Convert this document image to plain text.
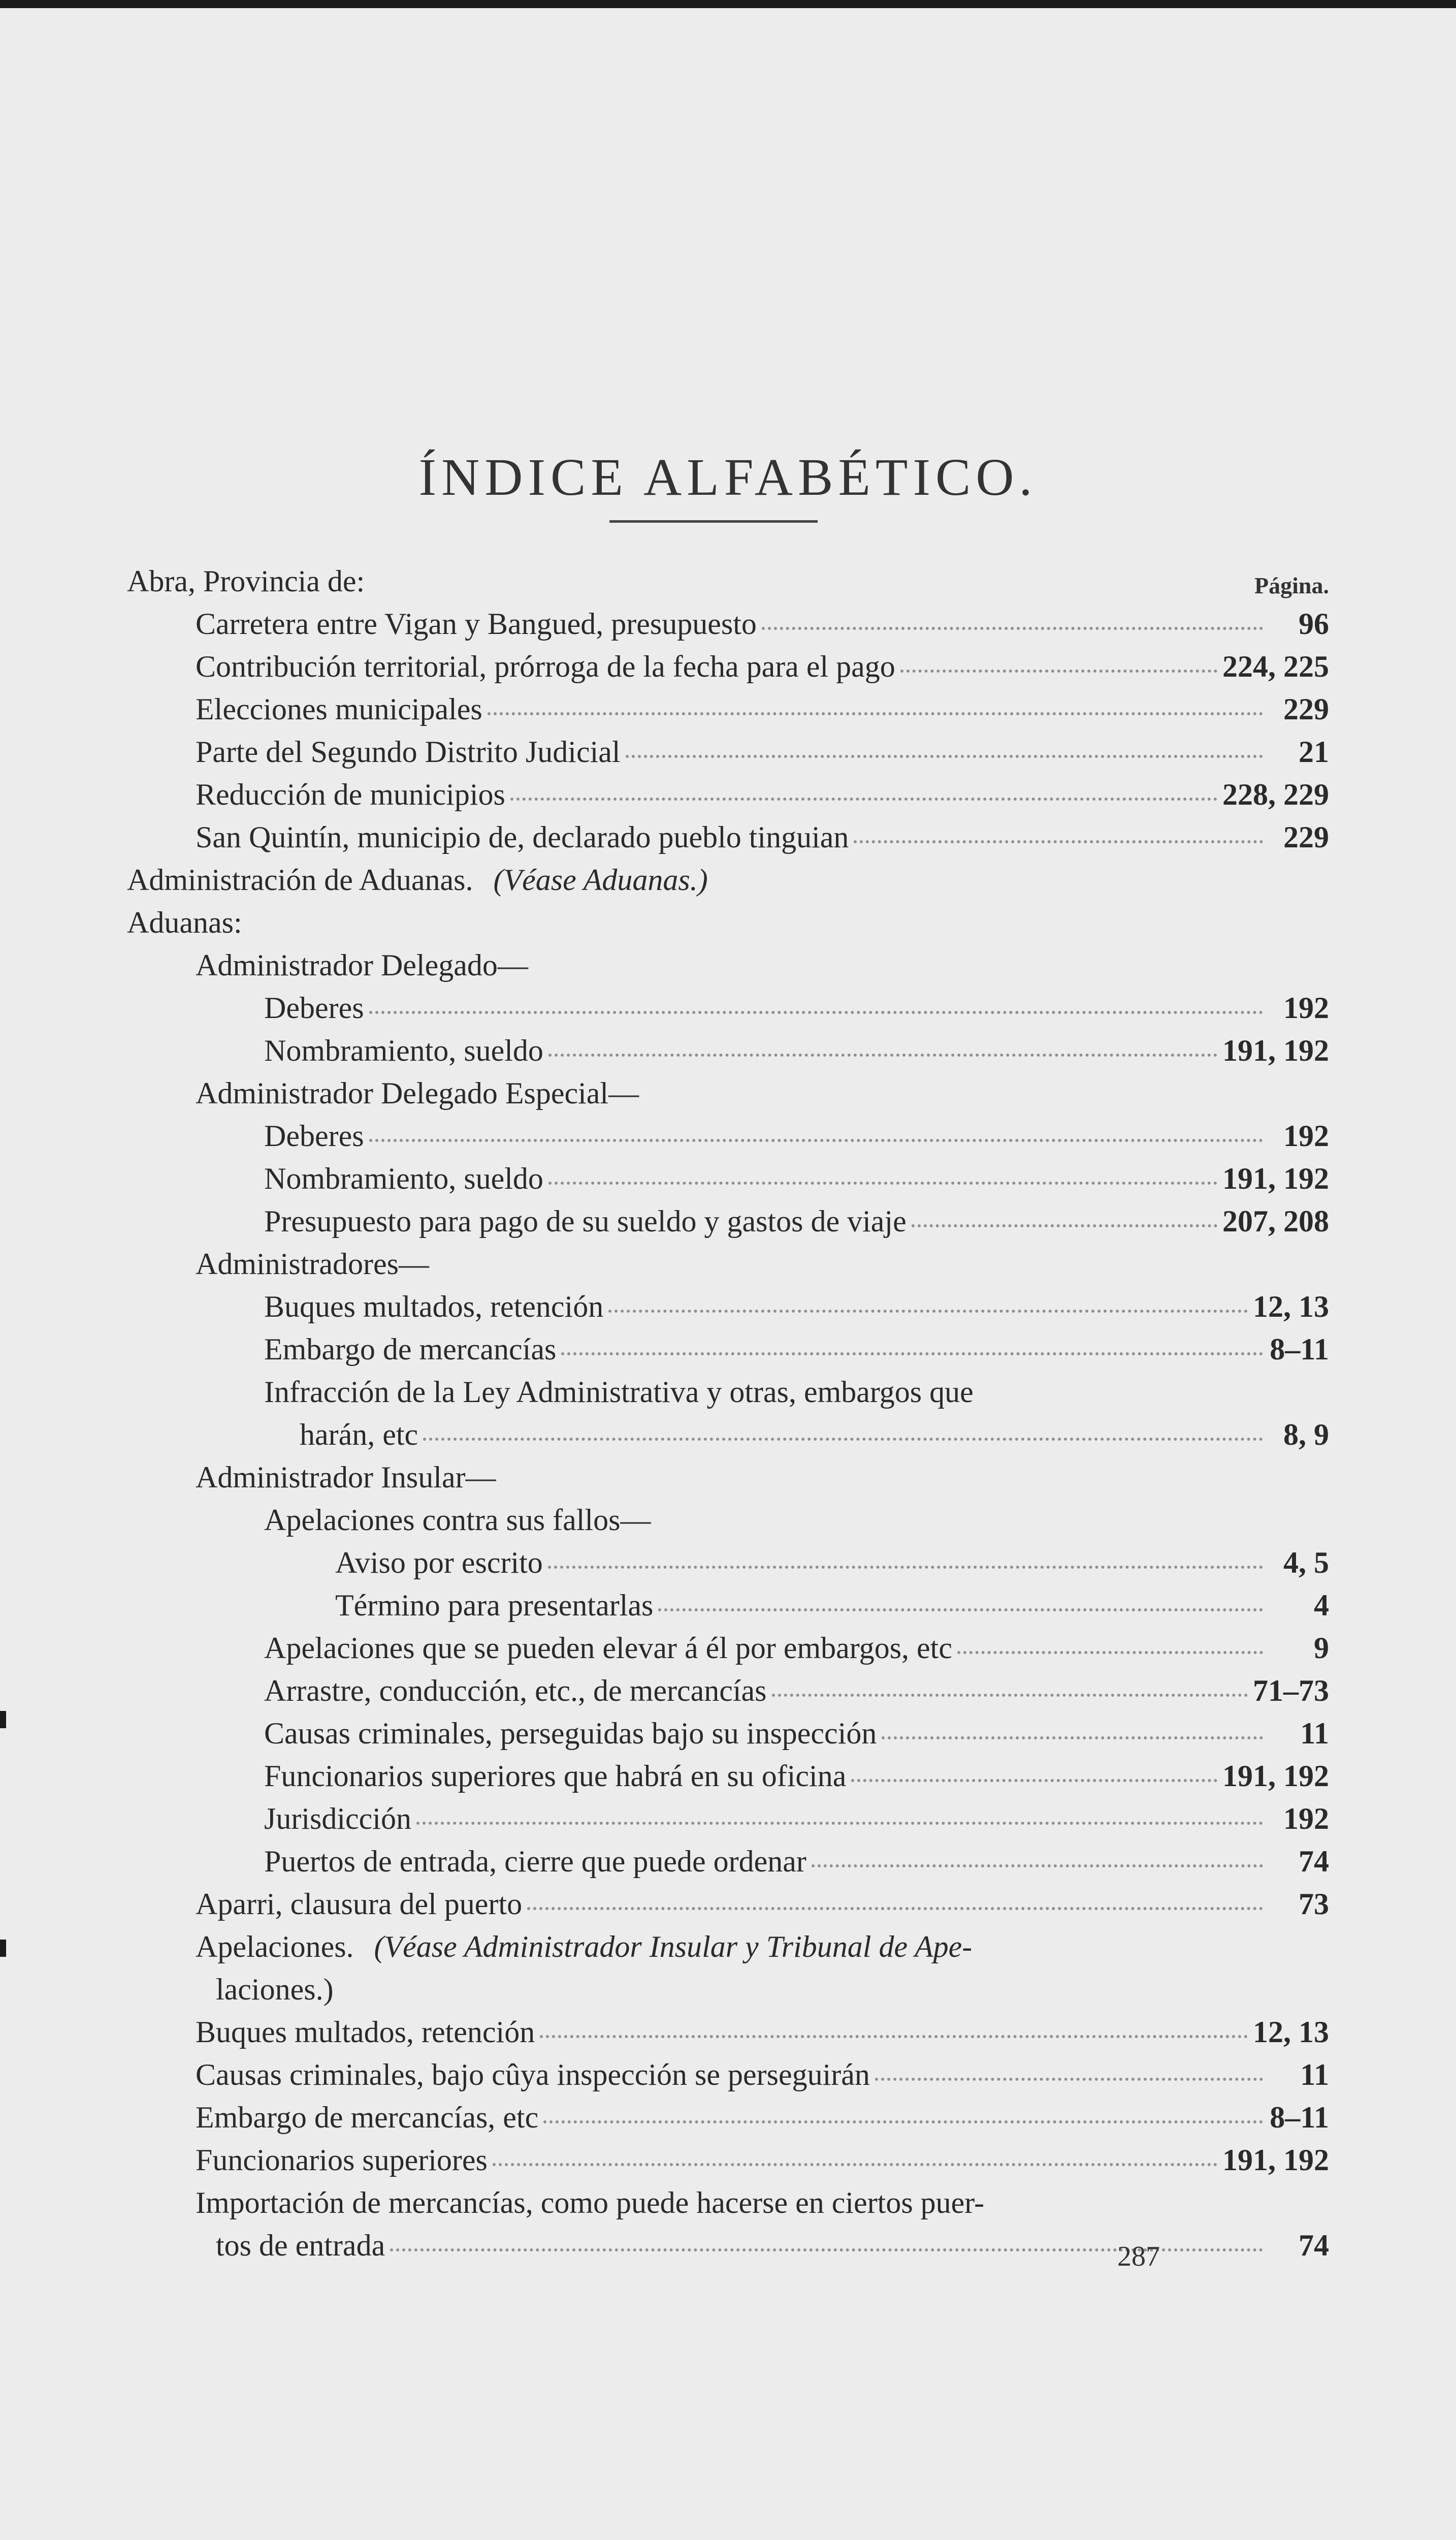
ÍNDICE ALFABÉTICO.
Página.
Abra, Provincia de:
Carretera entre Vigan y Bangued, presupuesto	96
Contribución territorial, prórroga de la fecha para el pago	224, 225
Elecciones municipales	229
Parte del Segundo Distrito Judicial	21
Reducción de municipios	228, 229
San Quintín, municipio de, declarado pueblo tinguian	229
Administración de Aduanas. (Véase Aduanas.)
Aduanas:
Administrador Delegado—
Deberes	192
Nombramiento, sueldo	191, 192
Administrador Delegado Especial—
Deberes	192
Nombramiento, sueldo	191, 192
Presupuesto para pago de su sueldo y gastos de viaje	207, 208
Administradores—
Buques multados, retención	12, 13
Embargo de mercancías	8–11
Infracción de la Ley Administrativa y otras, embargos que
harán, etc	8, 9
Administrador Insular—
Apelaciones contra sus fallos—
Aviso por escrito	4, 5
Término para presentarlas	4
Apelaciones que se pueden elevar á él por embargos, etc	9
Arrastre, conducción, etc., de mercancías	71–73
Causas criminales, perseguidas bajo su inspección	11
Funcionarios superiores que habrá en su oficina	191, 192
Jurisdicción	192
Puertos de entrada, cierre que puede ordenar	74
Aparri, clausura del puerto	73
Apelaciones. (Véase Administrador Insular y Tribunal de Ape-
laciones.)
Buques multados, retención	12, 13
Causas criminales, bajo cûya inspección se perseguirán	11
Embargo de mercancías, etc	8–11
Funcionarios superiores	191, 192
Importación de mercancías, como puede hacerse en ciertos puer-
tos de entrada	74
287
